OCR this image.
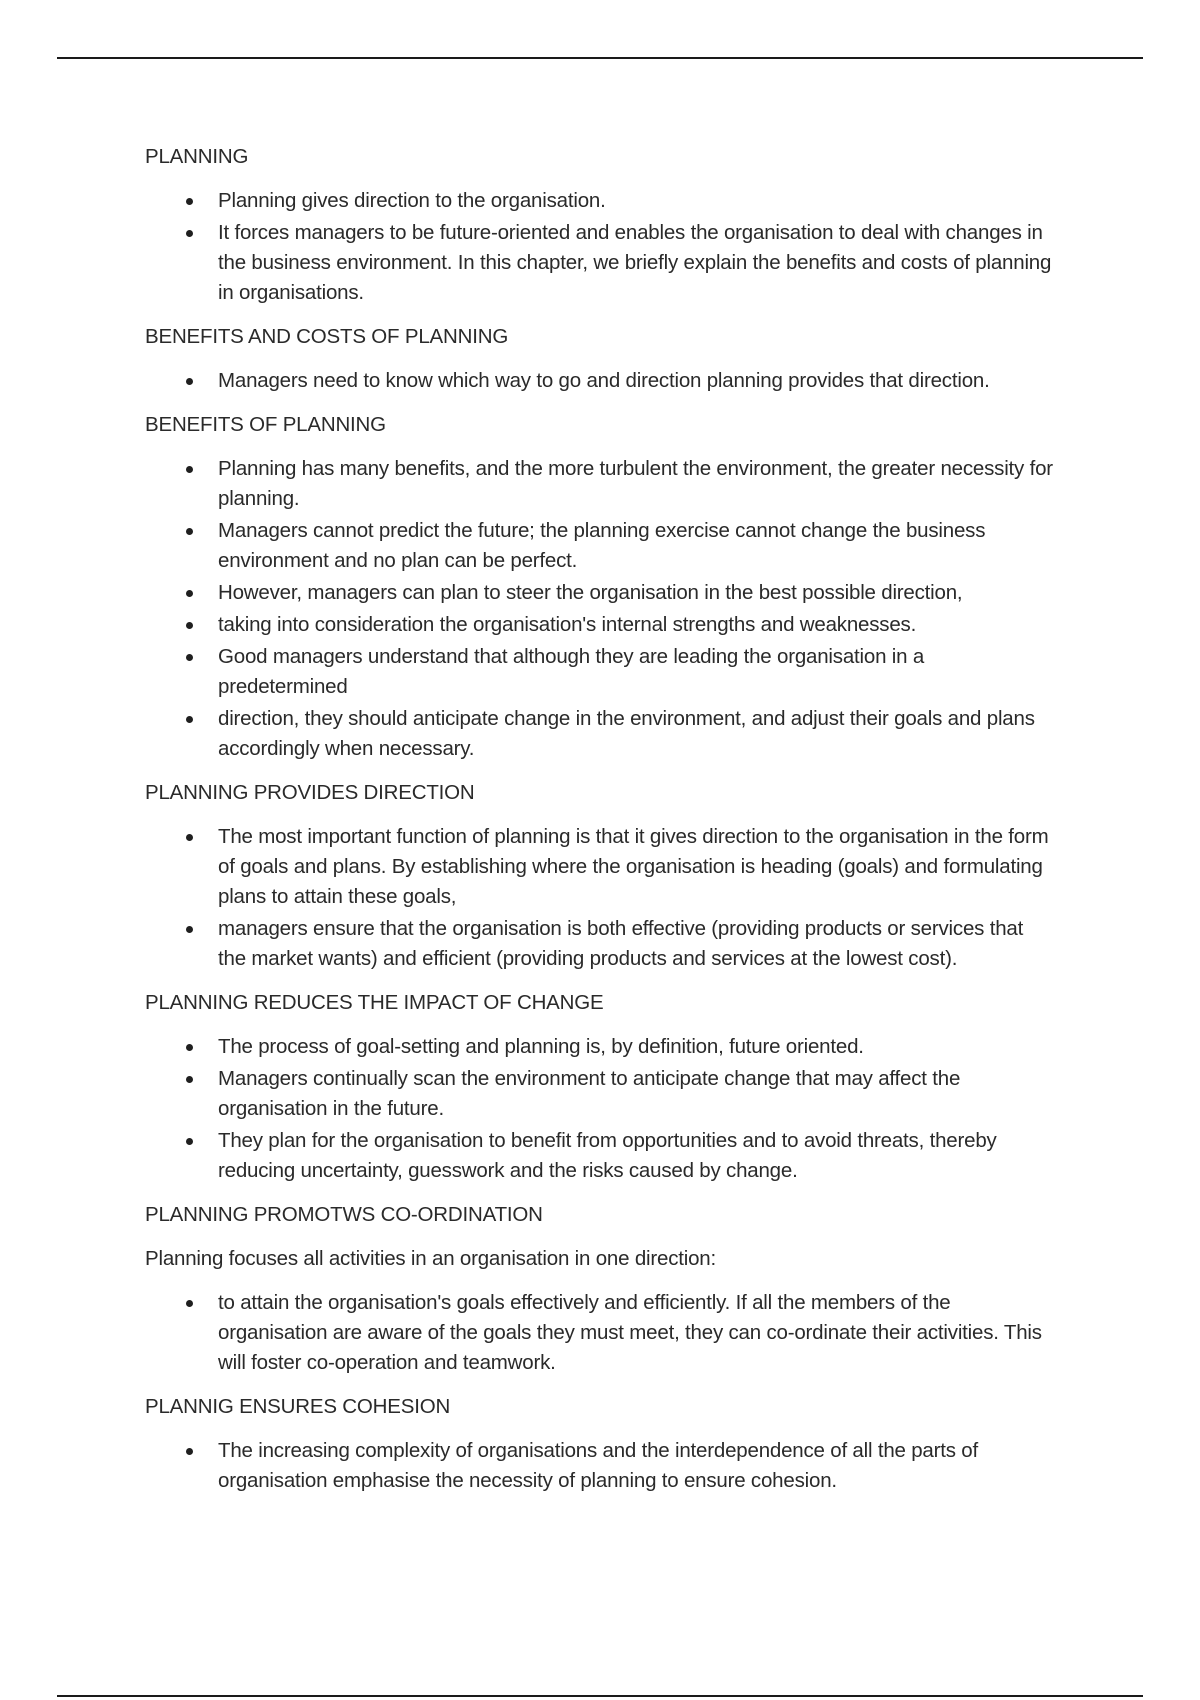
PLANNING
Planning gives direction to the organisation.
It forces managers to be future-oriented and enables the organisation to deal with changes in the business environment. In this chapter, we briefly explain the benefits and costs of planning in organisations.
BENEFITS AND COSTS OF PLANNING
Managers need to know which way to go and direction planning provides that direction.
BENEFITS OF PLANNING
Planning has many benefits, and the more turbulent the environment, the greater necessity for planning.
Managers cannot predict the future; the planning exercise cannot change the business environment and no plan can be perfect.
However, managers can plan to steer the organisation in the best possible direction,
taking into consideration the organisation's internal strengths and weaknesses.
Good managers understand that although they are leading the organisation in a predetermined
direction, they should anticipate change in the environment, and adjust their goals and plans accordingly when necessary.
PLANNING PROVIDES DIRECTION
The most important function of planning is that it gives direction to the organisation in the form of goals and plans. By establishing where the organisation is heading (goals) and formulating plans to attain these goals,
managers ensure that the organisation is both effective (providing products or services that the market wants) and efficient (providing products and services at the lowest cost).
PLANNING REDUCES THE IMPACT OF CHANGE
The process of goal-setting and planning is, by definition, future oriented.
Managers continually scan the environment to anticipate change that may affect the organisation in the future.
They plan for the organisation to benefit from opportunities and to avoid threats, thereby reducing uncertainty, guesswork and the risks caused by change.
PLANNING PROMOTWS CO-ORDINATION

Planning focuses all activities in an organisation in one direction:

to attain the organisation's goals effectively and efficiently. If all the members of the organisation are aware of the goals they must meet, they can co-ordinate their activities. This will foster co-operation and teamwork.
PLANNIG ENSURES COHESION
The increasing complexity of organisations and the interdependence of all the parts of organisation emphasise the necessity of planning to ensure cohesion.
